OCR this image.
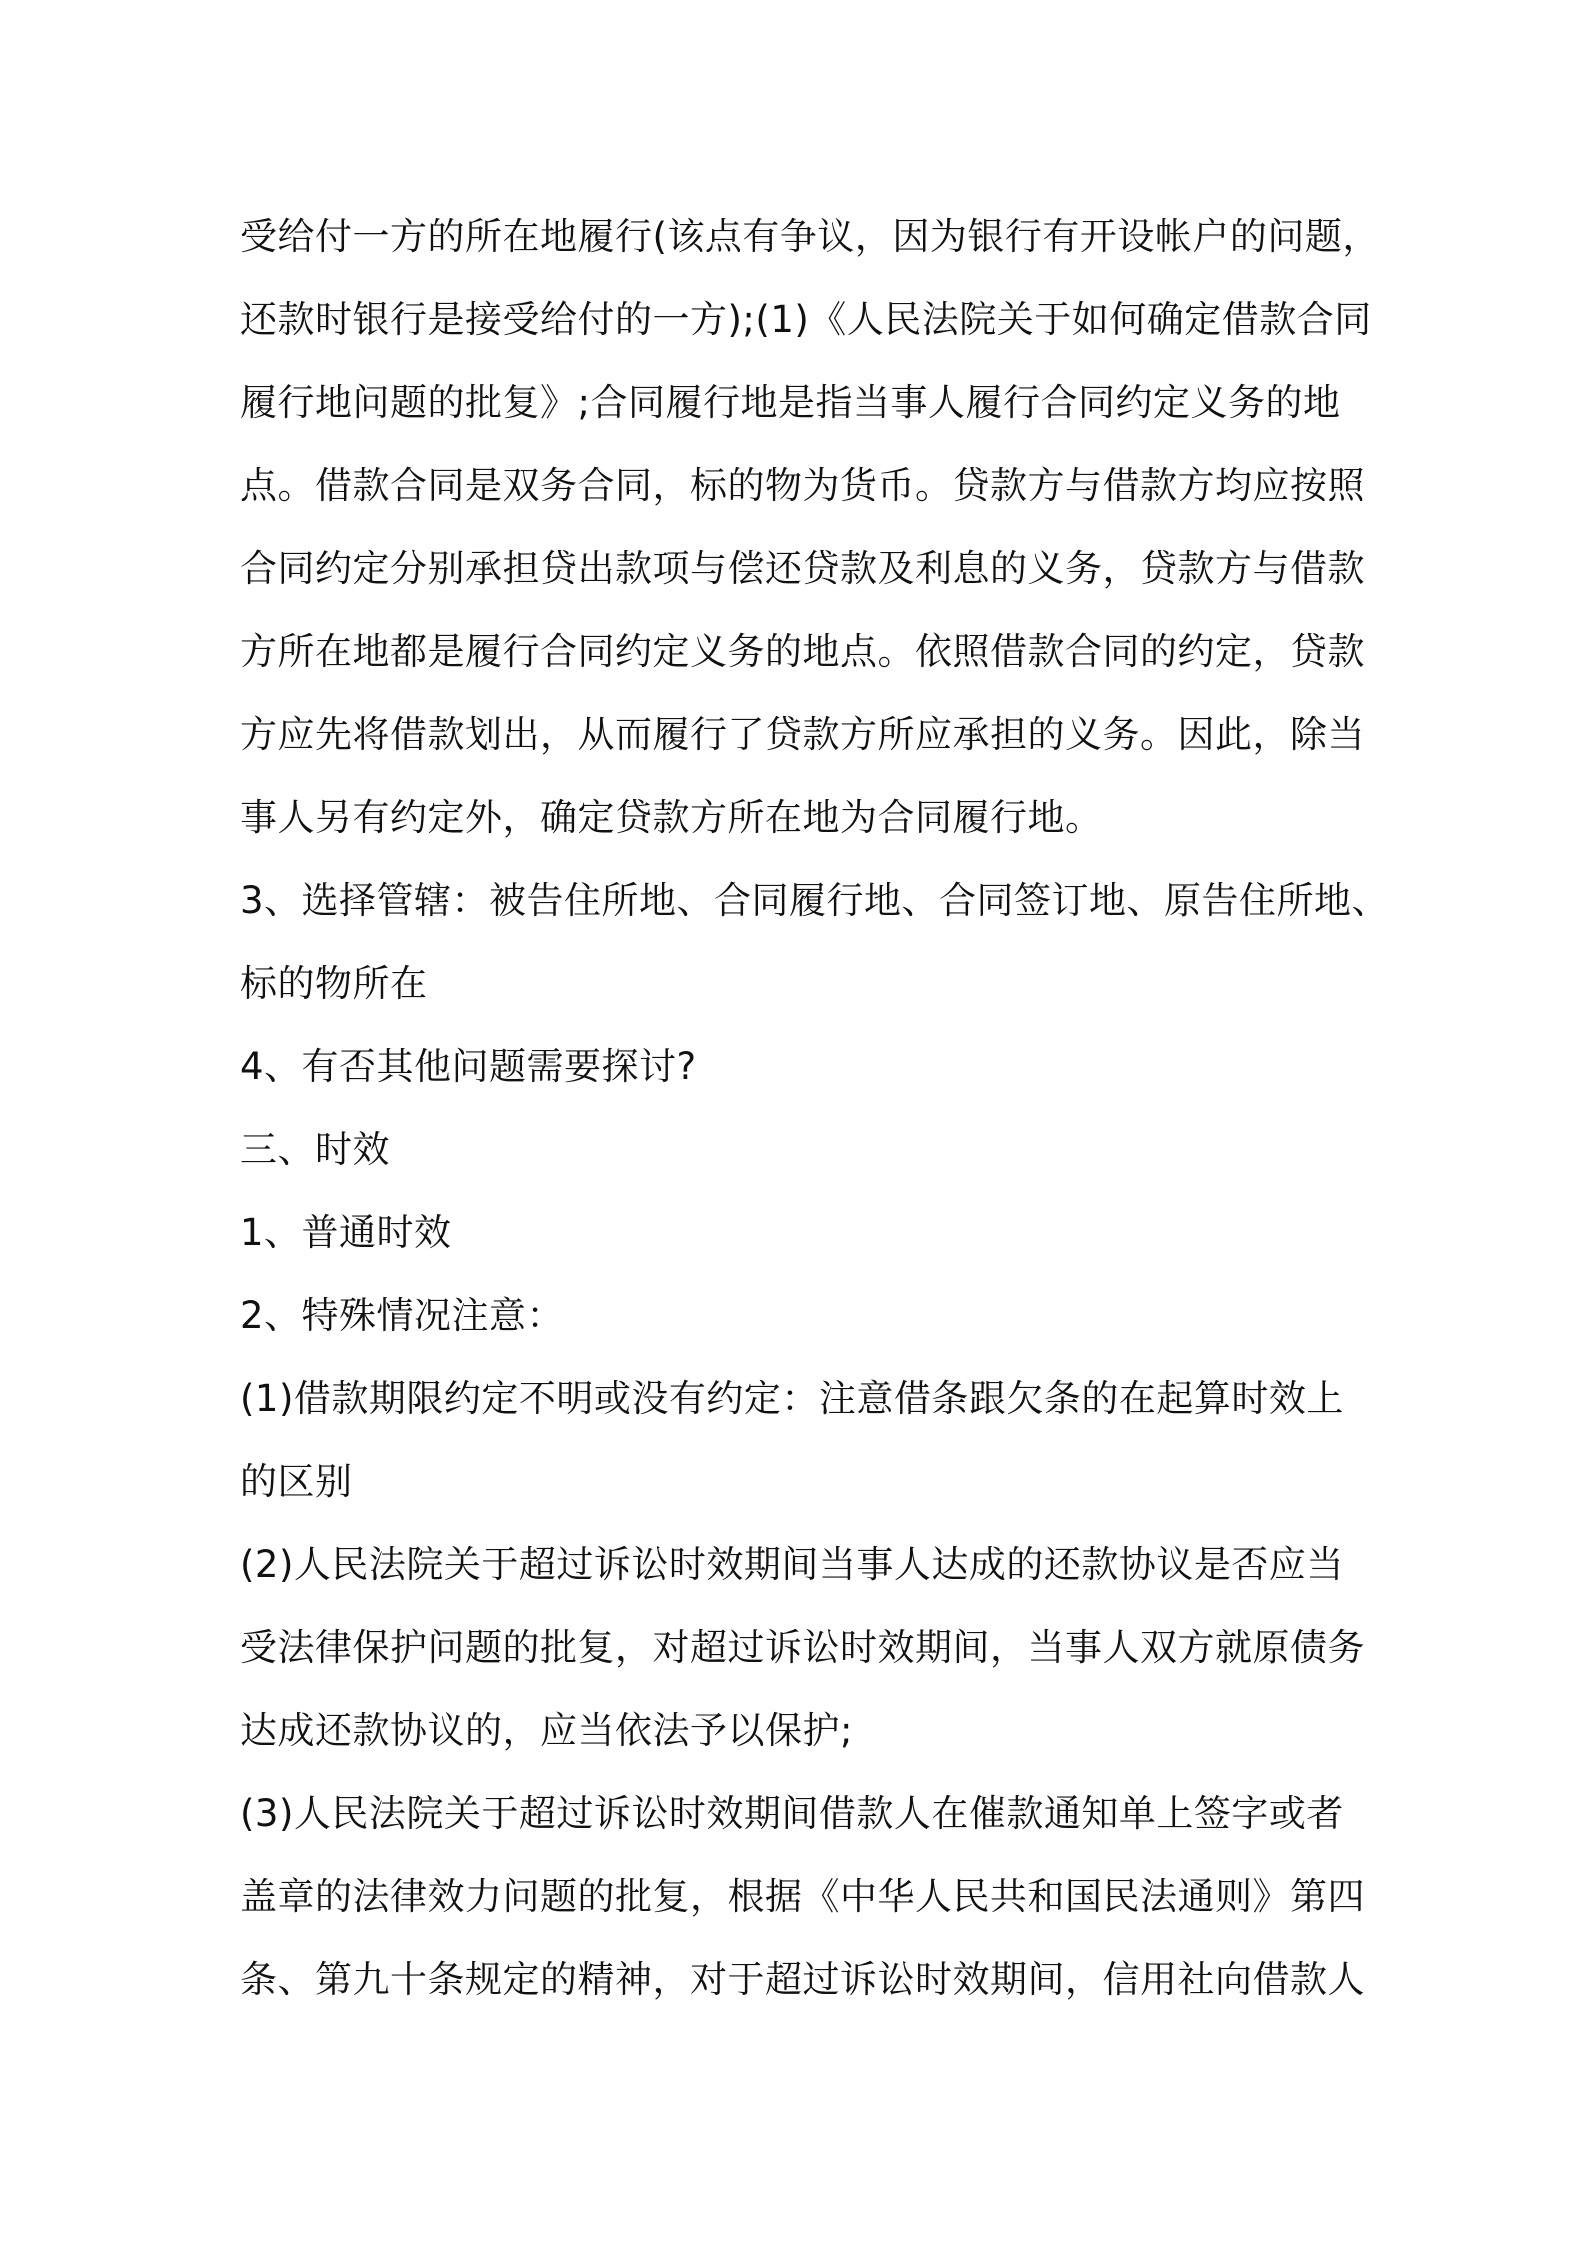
受给付一方的所在地履行(该点有争议，因为银行有开设帐户的问题，
还款时银行是接受给付的一方);(1)《人民法院关于如何确定借款合同
履行地问题的批复》;合同履行地是指当事人履行合同约定义务的地
点。借款合同是双务合同，标的物为货币。贷款方与借款方均应按照
合同约定分别承担贷出款项与偿还贷款及利息的义务，贷款方与借款
方所在地都是履行合同约定义务的地点。依照借款合同的约定，贷款
方应先将借款划出，从而履行了贷款方所应承担的义务。因此，除当
事人另有约定外，确定贷款方所在地为合同履行地。
3、选择管辖：被告住所地、合同履行地、合同签订地、原告住所地、
标的物所在
4、有否其他问题需要探讨?
三、时效
1、普通时效
2、特殊情况注意：
(1)借款期限约定不明或没有约定：注意借条跟欠条的在起算时效上
的区别
(2)人民法院关于超过诉讼时效期间当事人达成的还款协议是否应当
受法律保护问题的批复，对超过诉讼时效期间，当事人双方就原债务
达成还款协议的，应当依法予以保护;
(3)人民法院关于超过诉讼时效期间借款人在催款通知单上签字或者
盖章的法律效力问题的批复，根据《中华人民共和国民法通则》第四
条、第九十条规定的精神，对于超过诉讼时效期间，信用社向借款人
